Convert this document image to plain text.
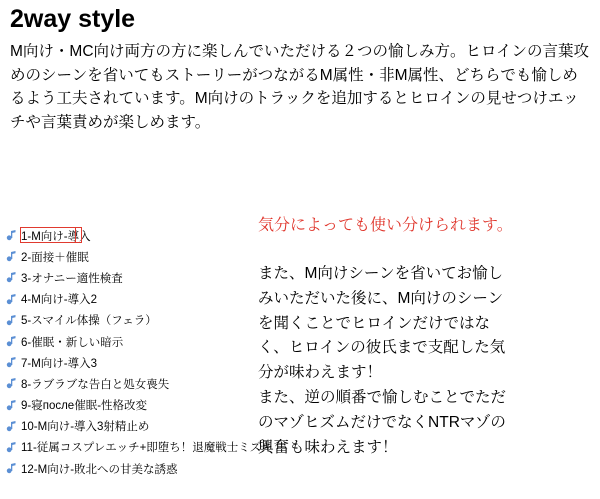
2way style
M向け・MC向け両方の方に楽しんでいただける２つの愉しみ方。ヒロインの言葉攻めのシーンを省いてもストーリーがつながるM属性・非M属性、どちらでも愉しめるよう工夫されています。M向けのトラックを追加するとヒロインの見せつけエッチや言葉責めが楽しめます。
1-M向け-導入
2-面接＋催眠
3-オナニー適性検査
4-M向け-導入2
5-スマイル体操（フェラ）
6-催眠・新しい暗示
7-M向け-導入3
8-ラブラブな告白と処女喪失
9-寝после催眠-性格改変
10-M向け-導入3射精止め
11-従属コスプレエッチ+即堕ち！退魔戦士ミズキ
12-M向け-敗北への甘美な誘惑
気分によっても使い分けられます。
また、M向けシーンを省いてお愉し
みいただいた後に、M向けのシーン
を聞くことでヒロインだけではな
く、ヒロインの彼氏まで支配した気
分が味わえます！
また、逆の順番で愉しむことでただ
のマゾヒズムだけでなくNTRマゾの
興奮も味わえます！
